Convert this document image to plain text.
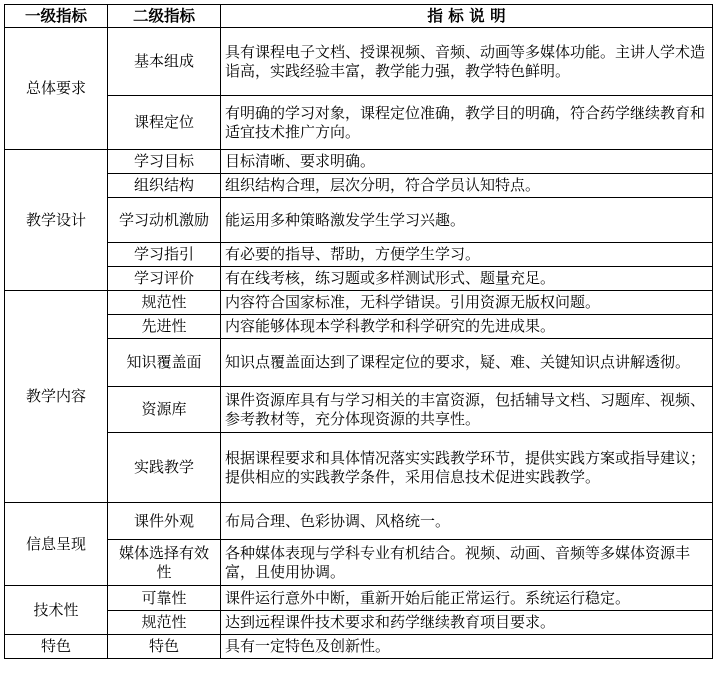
一级指标	二级指标	指 标 说 明
总体要求	基本组成	具有课程电子文档、授课视频、音频、动画等多媒体功能。主讲人学术造诣高，实践经验丰富，教学能力强，教学特色鲜明。
	课程定位	有明确的学习对象，课程定位准确，教学目的明确，符合药学继续教育和适宜技术推广方向。
教学设计	学习目标	目标清晰、要求明确。
	组织结构	组织结构合理，层次分明，符合学员认知特点。
	学习动机激励	能运用多种策略激发学生学习兴趣。
	学习指引	有必要的指导、帮助，方便学生学习。
	学习评价	有在线考核，练习题或多样测试形式、题量充足。
教学内容	规范性	内容符合国家标准，无科学错误。引用资源无版权问题。
	先进性	内容能够体现本学科教学和科学研究的先进成果。
	知识覆盖面	知识点覆盖面达到了课程定位的要求，疑、难、关键知识点讲解透彻。
	资源库	课件资源库具有与学习相关的丰富资源，包括辅导文档、习题库、视频、参考教材等，充分体现资源的共享性。
	实践教学	根据课程要求和具体情况落实实践教学环节，提供实践方案或指导建议；提供相应的实践教学条件，采用信息技术促进实践教学。
信息呈现	课件外观	布局合理、色彩协调、风格统一。
	媒体选择有效性	各种媒体表现与学科专业有机结合。视频、动画、音频等多媒体资源丰富，且使用协调。
技术性	可靠性	课件运行意外中断，重新开始后能正常运行。系统运行稳定。
	规范性	达到远程课件技术要求和药学继续教育项目要求。
特色	特色	具有一定特色及创新性。
